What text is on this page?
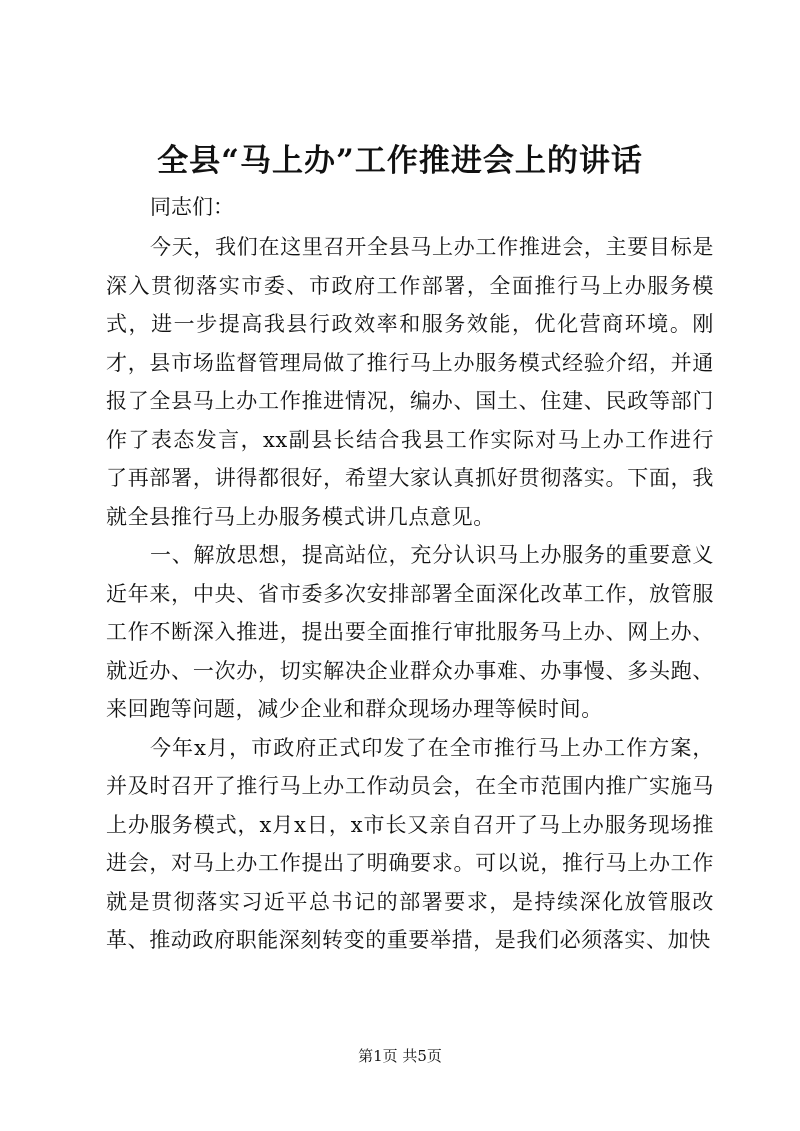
全县“马上办”工作推进会上的讲话

同志们：

今天，我们在这里召开全县马上办工作推进会，主要目标是深入贯彻落实市委、市政府工作部署，全面推行马上办服务模式，进一步提高我县行政效率和服务效能，优化营商环境。刚才，县市场监督管理局做了推行马上办服务模式经验介绍，并通报了全县马上办工作推进情况，编办、国土、住建、民政等部门作了表态发言，xx副县长结合我县工作实际对马上办工作进行了再部署，讲得都很好，希望大家认真抓好贯彻落实。下面，我就全县推行马上办服务模式讲几点意见。

一、解放思想，提高站位，充分认识马上办服务的重要意义近年来，中央、省市委多次安排部署全面深化改革工作，放管服工作不断深入推进，提出要全面推行审批服务马上办、网上办、就近办、一次办，切实解决企业群众办事难、办事慢、多头跑、来回跑等问题，减少企业和群众现场办理等候时间。

今年x月，市政府正式印发了在全市推行马上办工作方案，并及时召开了推行马上办工作动员会，在全市范围内推广实施马上办服务模式，x月x日，x市长又亲自召开了马上办服务现场推进会，对马上办工作提出了明确要求。可以说，推行马上办工作就是贯彻落实习近平总书记的部署要求，是持续深化放管服改革、推动政府职能深刻转变的重要举措，是我们必须落实、加快

第1页 共5页
